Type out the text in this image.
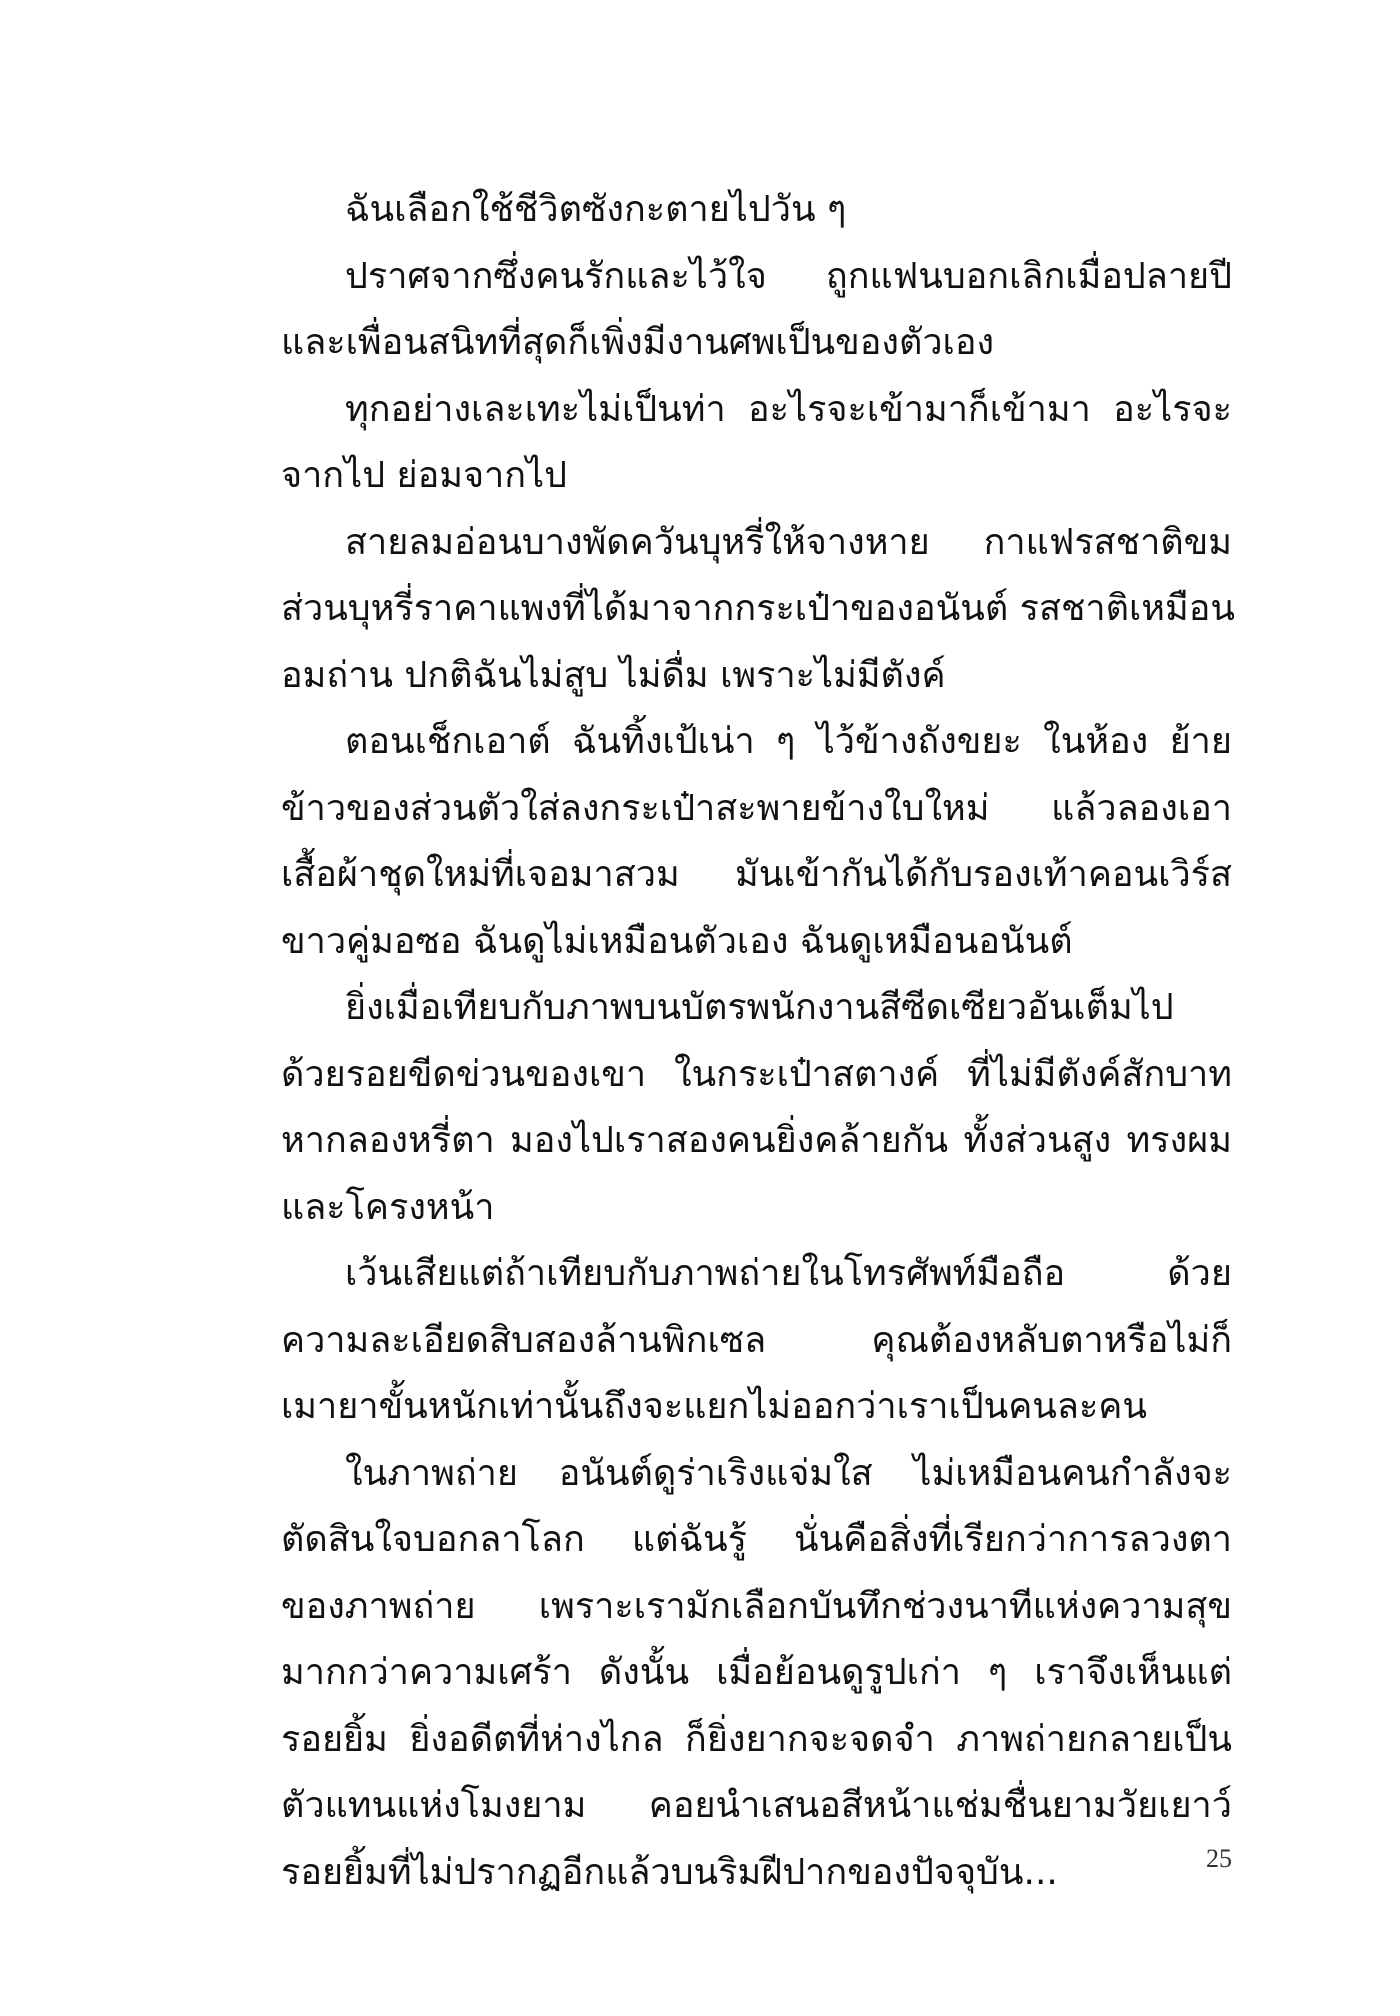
ฉันเลือกใช้ชีวิตซังกะตายไปวัน ๆ
ปราศจากซึ่งคนรักและไว้ใจ ถูกแฟนบอกเลิกเมื่อปลายปี
และเพื่อนสนิทที่สุดก็เพิ่งมีงานศพเป็นของตัวเอง
ทุกอย่างเละเทะไม่เป็นท่า อะไรจะเข้ามาก็เข้ามา อะไรจะ
จากไป ย่อมจากไป
สายลมอ่อนบางพัดควันบุหรี่ให้จางหาย กาแฟรสชาติขม
ส่วนบุหรี่ราคาแพงที่ได้มาจากกระเป๋าของอนันต์ รสชาติเหมือน
อมถ่าน ปกติฉันไม่สูบ ไม่ดื่ม เพราะไม่มีตังค์
ตอนเช็กเอาต์ ฉันทิ้งเป้เน่า ๆ ไว้ข้างถังขยะ ในห้อง ย้าย
ข้าวของส่วนตัวใส่ลงกระเป๋าสะพายข้างใบใหม่ แล้วลองเอา
เสื้อผ้าชุดใหม่ที่เจอมาสวม มันเข้ากันได้กับรองเท้าคอนเวิร์ส
ขาวคู่มอซอ ฉันดูไม่เหมือนตัวเอง ฉันดูเหมือนอนันต์
ยิ่งเมื่อเทียบกับภาพบนบัตรพนักงานสีซีดเซียวอันเต็มไป
ด้วยรอยขีดข่วนของเขา ในกระเป๋าสตางค์ ที่ไม่มีตังค์สักบาท
หากลองหรี่ตา มองไปเราสองคนยิ่งคล้ายกัน ทั้งส่วนสูง ทรงผม
และโครงหน้า
เว้นเสียแต่ถ้าเทียบกับภาพถ่ายในโทรศัพท์มือถือ ด้วย
ความละเอียดสิบสองล้านพิกเซล คุณต้องหลับตาหรือไม่ก็
เมายาขั้นหนักเท่านั้นถึงจะแยกไม่ออกว่าเราเป็นคนละคน
ในภาพถ่าย อนันต์ดูร่าเริงแจ่มใส ไม่เหมือนคนกำลังจะ
ตัดสินใจบอกลาโลก แต่ฉันรู้ นั่นคือสิ่งที่เรียกว่าการลวงตา
ของภาพถ่าย เพราะเรามักเลือกบันทึกช่วงนาทีแห่งความสุข
มากกว่าความเศร้า ดังนั้น เมื่อย้อนดูรูปเก่า ๆ เราจึงเห็นแต่
รอยยิ้ม ยิ่งอดีตที่ห่างไกล ก็ยิ่งยากจะจดจำ ภาพถ่ายกลายเป็น
ตัวแทนแห่งโมงยาม คอยนำเสนอสีหน้าแช่มชื่นยามวัยเยาว์
รอยยิ้มที่ไม่ปรากฏอีกแล้วบนริมฝีปากของปัจจุบัน...	25
